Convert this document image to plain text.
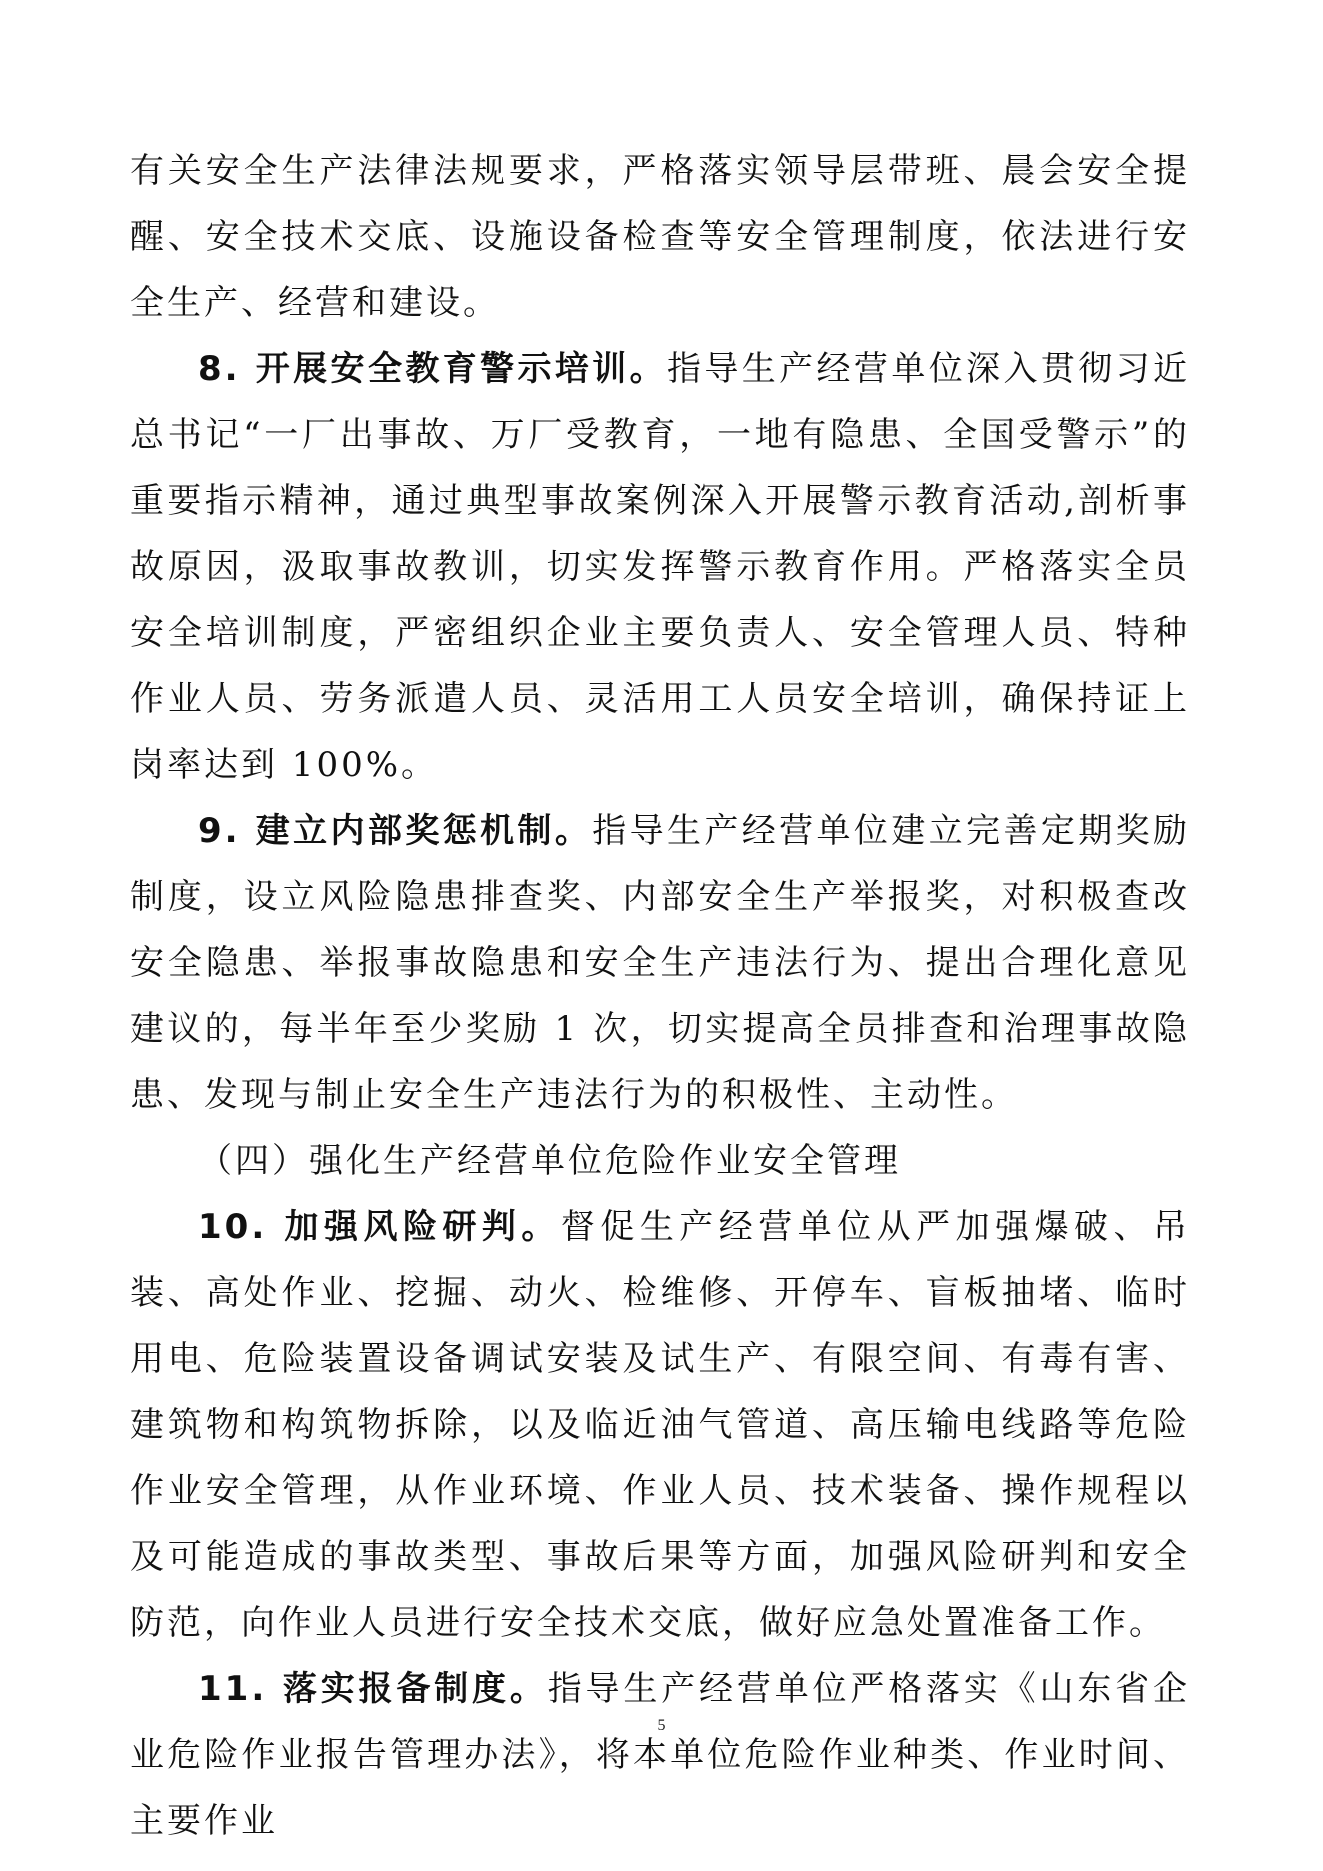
有关安全生产法律法规要求，严格落实领导层带班、晨会安全提醒、安全技术交底、设施设备检查等安全管理制度，依法进行安全生产、经营和建设。

8. 开展安全教育警示培训。指导生产经营单位深入贯彻习近总书记“一厂出事故、万厂受教育，一地有隐患、全国受警示”的重要指示精神，通过典型事故案例深入开展警示教育活动,剖析事故原因，汲取事故教训，切实发挥警示教育作用。严格落实全员安全培训制度，严密组织企业主要负责人、安全管理人员、特种作业人员、劳务派遣人员、灵活用工人员安全培训，确保持证上岗率达到 100%。

9. 建立内部奖惩机制。指导生产经营单位建立完善定期奖励制度，设立风险隐患排查奖、内部安全生产举报奖，对积极查改安全隐患、举报事故隐患和安全生产违法行为、提出合理化意见建议的，每半年至少奖励 1 次，切实提高全员排查和治理事故隐患、发现与制止安全生产违法行为的积极性、主动性。

（四）强化生产经营单位危险作业安全管理

10. 加强风险研判。督促生产经营单位从严加强爆破、吊装、高处作业、挖掘、动火、检维修、开停车、盲板抽堵、临时用电、危险装置设备调试安装及试生产、有限空间、有毒有害、建筑物和构筑物拆除，以及临近油气管道、高压输电线路等危险作业安全管理，从作业环境、作业人员、技术装备、操作规程以及可能造成的事故类型、事故后果等方面，加强风险研判和安全防范，向作业人员进行安全技术交底，做好应急处置准备工作。

11. 落实报备制度。指导生产经营单位严格落实《山东省企业危险作业报告管理办法》，将本单位危险作业种类、作业时间、主要作业

5
